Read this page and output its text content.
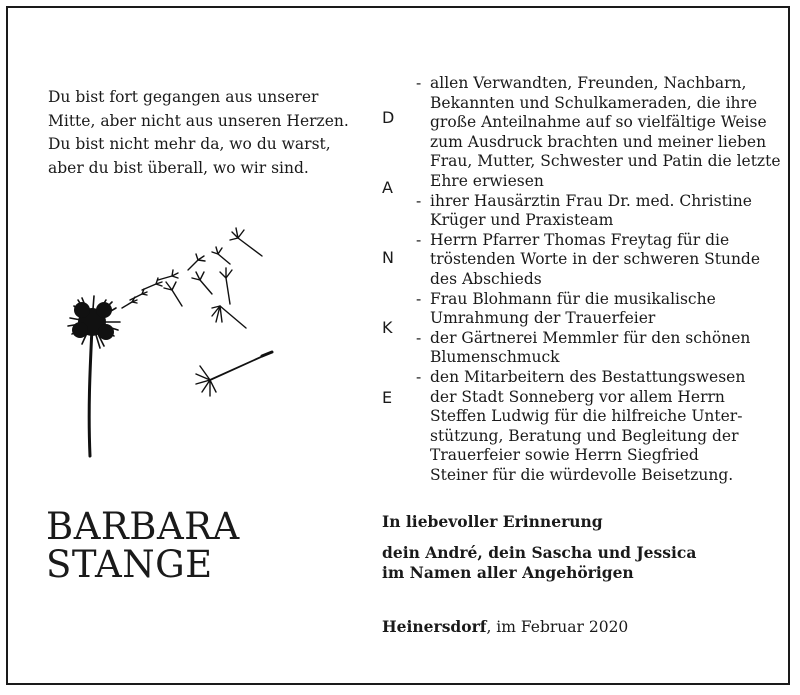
Du bist fort gegangen aus unserer
Mitte, aber nicht aus unseren Herzen.
Du bist nicht mehr da, wo du warst,
aber du bist überall, wo wir sind.
BARBARA
STANGE
D
A
N
K
E
- allen Verwandten, Freunden, Nachbarn,
Bekannten und Schulkameraden, die ihre
große Anteilnahme auf so vielfältige Weise
zum Ausdruck brachten und meiner lieben
Frau, Mutter, Schwester und Patin die letzte
Ehre erwiesen
- ihrer Hausärztin Frau Dr. med. Christine
Krüger und Praxisteam
- Herrn Pfarrer Thomas Freytag für die
tröstenden Worte in der schweren Stunde
des Abschieds
- Frau Blohmann für die musikalische
Umrahmung der Trauerfeier
- der Gärtnerei Memmler für den schönen
Blumenschmuck
- den Mitarbeitern des Bestattungswesen
der Stadt Sonneberg vor allem Herrn
Steffen Ludwig für die hilfreiche Unter-
stützung, Beratung und Begleitung der
Trauerfeier sowie Herrn Siegfried
Steiner für die würdevolle Beisetzung.
In liebevoller Erinnerung
dein André, dein Sascha und Jessica
im Namen aller Angehörigen
Heinersdorf, im Februar 2020
